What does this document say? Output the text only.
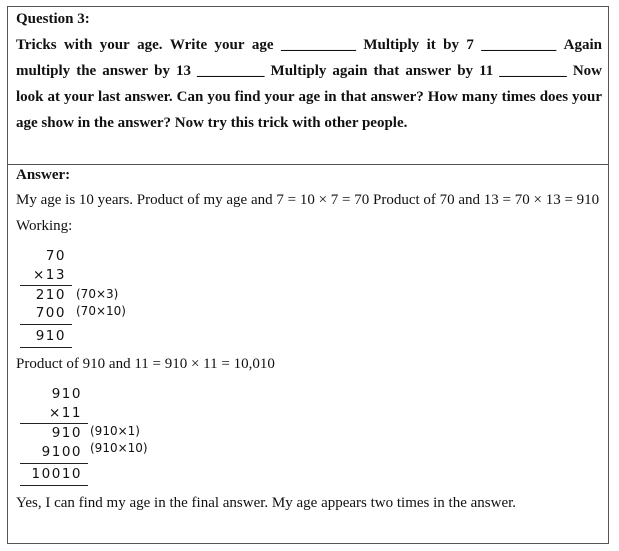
Question 3:
Tricks with your age. Write your age __________ Multiply it by 7 __________ Again
multiply the answer by 13 _________ Multiply again that answer by 11 _________ Now
look at your last answer. Can you find your age in that answer? How many times does your
age show in the answer? Now try this trick with other people.
Answer:
My age is 10 years. Product of my age and 7 = 10 × 7 = 70 Product of 70 and 13 = 70 × 13 = 910
Working:
70
×13
210 (70×3)
700 (70×10)
910
Product of 910 and 11 = 910 × 11 = 10,010
910
×11
910 (910×1)
9100 (910×10)
10010
Yes, I can find my age in the final answer. My age appears two times in the answer.
